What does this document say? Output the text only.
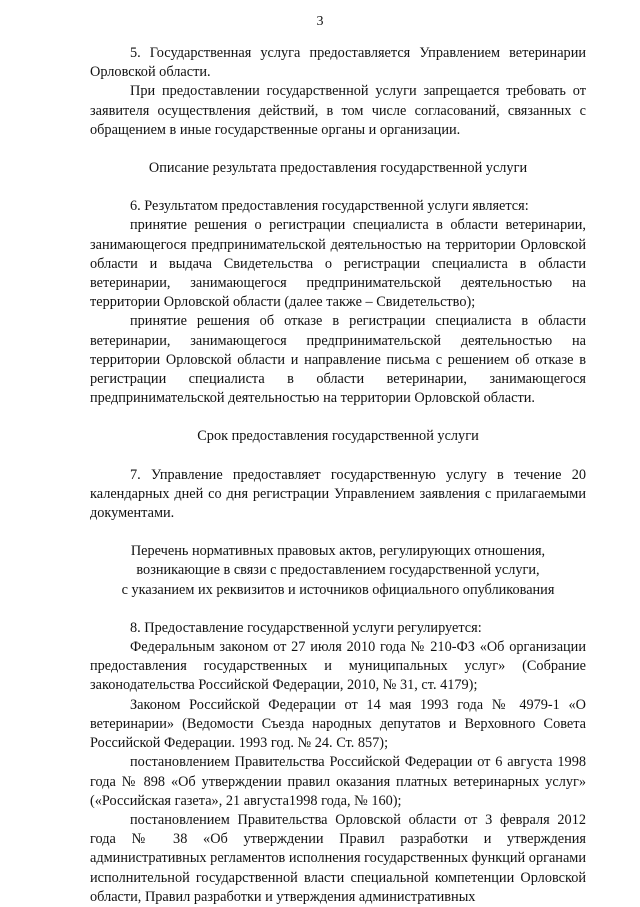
3

5. Государственная услуга предоставляется Управлением ветеринарии Орловской области.

При предоставлении государственной услуги запрещается требовать от заявителя осуществления действий, в том числе согласований, связанных с обращением в иные государственные органы и организации.

Описание результата предоставления государственной услуги

6. Результатом предоставления государственной услуги является:

принятие решения о регистрации специалиста в области ветеринарии, занимающегося предпринимательской деятельностью на территории Орловской области и выдача Свидетельства о регистрации специалиста в области ветеринарии, занимающегося предпринимательской деятельностью на территории Орловской области (далее также – Свидетельство);

принятие решения об отказе в регистрации специалиста в области ветеринарии, занимающегося предпринимательской деятельностью на территории Орловской области и направление письма с решением об отказе в регистрации специалиста в области ветеринарии, занимающегося предпринимательской деятельностью на территории Орловской области.

Срок предоставления государственной услуги

7. Управление предоставляет государственную услугу в течение 20 календарных дней со дня регистрации Управлением заявления с прилагаемыми документами.

Перечень нормативных правовых актов, регулирующих отношения,

возникающие в связи с предоставлением государственной услуги,

с указанием их реквизитов и источников официального опубликования

8. Предоставление государственной услуги регулируется:

Федеральным законом от 27 июля 2010 года № 210-ФЗ «Об организации предоставления государственных и муниципальных услуг» (Собрание законодательства Российской Федерации, 2010, № 31, ст. 4179);

Законом Российской Федерации от 14 мая 1993 года № 4979-1 «О ветеринарии» (Ведомости Съезда народных депутатов и Верховного Совета Российской Федерации. 1993 год. № 24. Ст. 857);

постановлением Правительства Российской Федерации от 6 августа 1998 года № 898 «Об утверждении правил оказания платных ветеринарных услуг» («Российская газета», 21 августа1998 года, № 160);

постановлением Правительства Орловской области от 3 февраля 2012 года № 38 «Об утверждении Правил разработки и утверждения административных регламентов исполнения государственных функций органами исполнительной государственной власти специальной компетенции Орловской области, Правил разработки и утверждения административных
